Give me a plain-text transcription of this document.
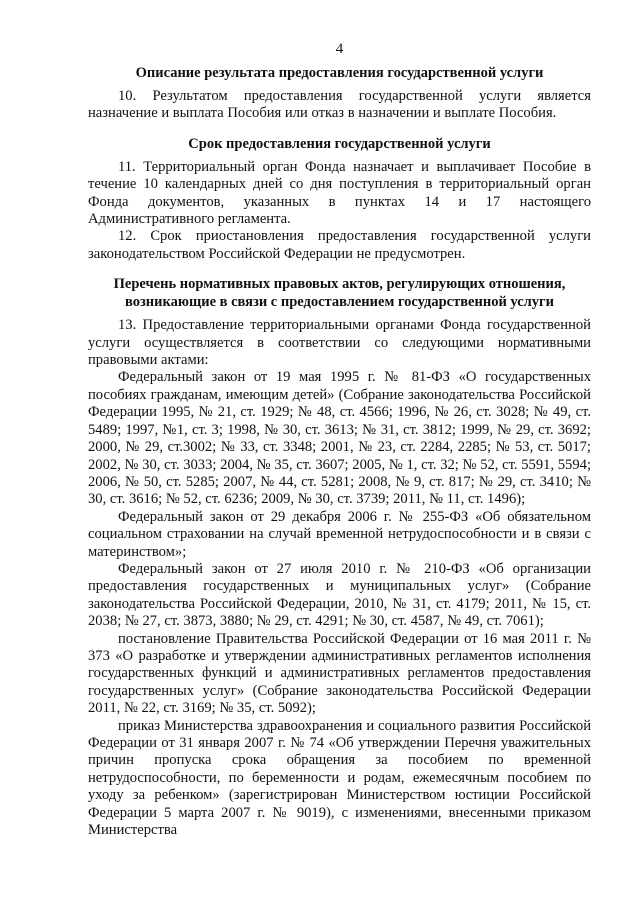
4
Описание результата предоставления государственной услуги

10. Результатом предоставления государственной услуги является назначение и выплата Пособия или отказ в назначении и выплате Пособия.

Срок предоставления государственной услуги

11. Территориальный орган Фонда назначает и выплачивает Пособие в течение 10 календарных дней со дня поступления в территориальный орган Фонда документов, указанных в пунктах 14 и 17 настоящего Административного регламента.

12. Срок приостановления предоставления государственной услуги законодательством Российской Федерации не предусмотрен.

Перечень нормативных правовых актов, регулирующих отношения, возникающие в связи с предоставлением государственной услуги

13. Предоставление территориальными органами Фонда государственной услуги осуществляется в соответствии со следующими нормативными правовыми актами:

Федеральный закон от 19 мая 1995 г. № 81-ФЗ «О государственных пособиях гражданам, имеющим детей» (Собрание законодательства Российской Федерации 1995, № 21, ст. 1929; № 48, ст. 4566; 1996, № 26, ст. 3028; № 49, ст. 5489; 1997, №1, ст. 3; 1998, № 30, ст. 3613; № 31, ст. 3812; 1999, № 29, ст. 3692; 2000, № 29, ст.3002; № 33, ст. 3348; 2001, № 23, ст. 2284, 2285; № 53, ст. 5017; 2002, № 30, ст. 3033; 2004, № 35, ст. 3607; 2005, № 1, ст. 32; № 52, ст. 5591, 5594; 2006, № 50, ст. 5285; 2007, № 44, ст. 5281; 2008, № 9, ст. 817; № 29, ст. 3410; № 30, ст. 3616; № 52, ст. 6236; 2009, № 30, ст. 3739; 2011, № 11, ст. 1496);

Федеральный закон от 29 декабря 2006 г. № 255-ФЗ «Об обязательном социальном страховании на случай временной нетрудоспособности и в связи с материнством»;

Федеральный закон от 27 июля 2010 г. № 210-ФЗ «Об организации предоставления государственных и муниципальных услуг» (Собрание законодательства Российской Федерации, 2010, № 31, ст. 4179; 2011, № 15, ст. 2038; № 27, ст. 3873, 3880; № 29, ст. 4291; № 30, ст. 4587, № 49, ст. 7061);

постановление Правительства Российской Федерации от 16 мая 2011 г. № 373 «О разработке и утверждении административных регламентов исполнения государственных функций и административных регламентов предоставления государственных услуг» (Собрание законодательства Российской Федерации 2011, № 22, ст. 3169; № 35, ст. 5092);

приказ Министерства здравоохранения и социального развития Российской Федерации от 31 января 2007 г. № 74 «Об утверждении Перечня уважительных причин пропуска срока обращения за пособием по временной нетрудоспособности, по беременности и родам, ежемесячным пособием по уходу за ребенком» (зарегистрирован Министерством юстиции Российской Федерации 5 марта 2007 г. № 9019), с изменениями, внесенными приказом Министерства
